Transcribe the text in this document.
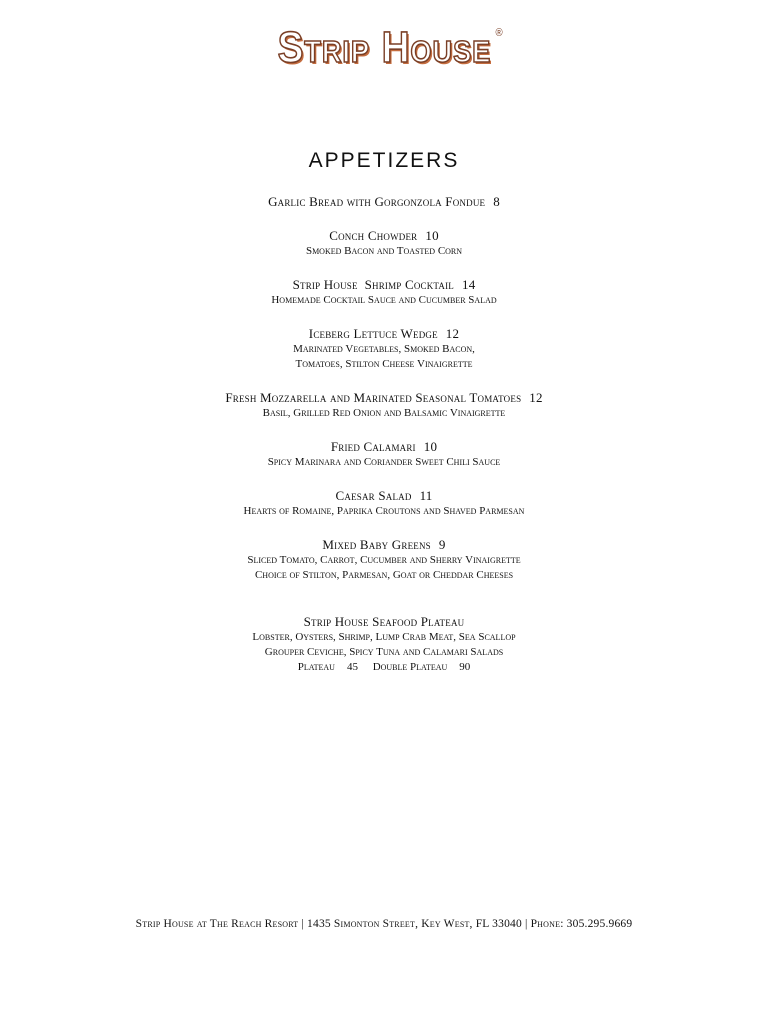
Strip House ®
APPETIZERS
Garlic Bread with Gorgonzola Fondue 8
Conch Chowder 10
Smoked Bacon and Toasted Corn
Strip House  Shrimp Cocktail 14
Homemade Cocktail Sauce and Cucumber Salad
Iceberg Lettuce Wedge 12
Marinated Vegetables, Smoked Bacon,
Tomatoes, Stilton Cheese Vinaigrette
Fresh Mozzarella and Marinated Seasonal Tomatoes 12
Basil, Grilled Red Onion and Balsamic Vinaigrette
Fried Calamari 10
Spicy Marinara and Coriander Sweet Chili Sauce
Caesar Salad 11
Hearts of Romaine, Paprika Croutons and Shaved Parmesan
Mixed Baby Greens 9
Sliced Tomato, Carrot, Cucumber and Sherry Vinaigrette
Choice of Stilton, Parmesan, Goat or Cheddar Cheeses
Strip House Seafood Plateau
Lobster, Oysters, Shrimp, Lump Crab Meat, Sea Scallop
Grouper Ceviche, Spicy Tuna and Calamari Salads
Plateau 45 Double Plateau 90
Strip House at The Reach Resort | 1435 Simonton Street, Key West, FL 33040 | Phone: 305.295.9669
